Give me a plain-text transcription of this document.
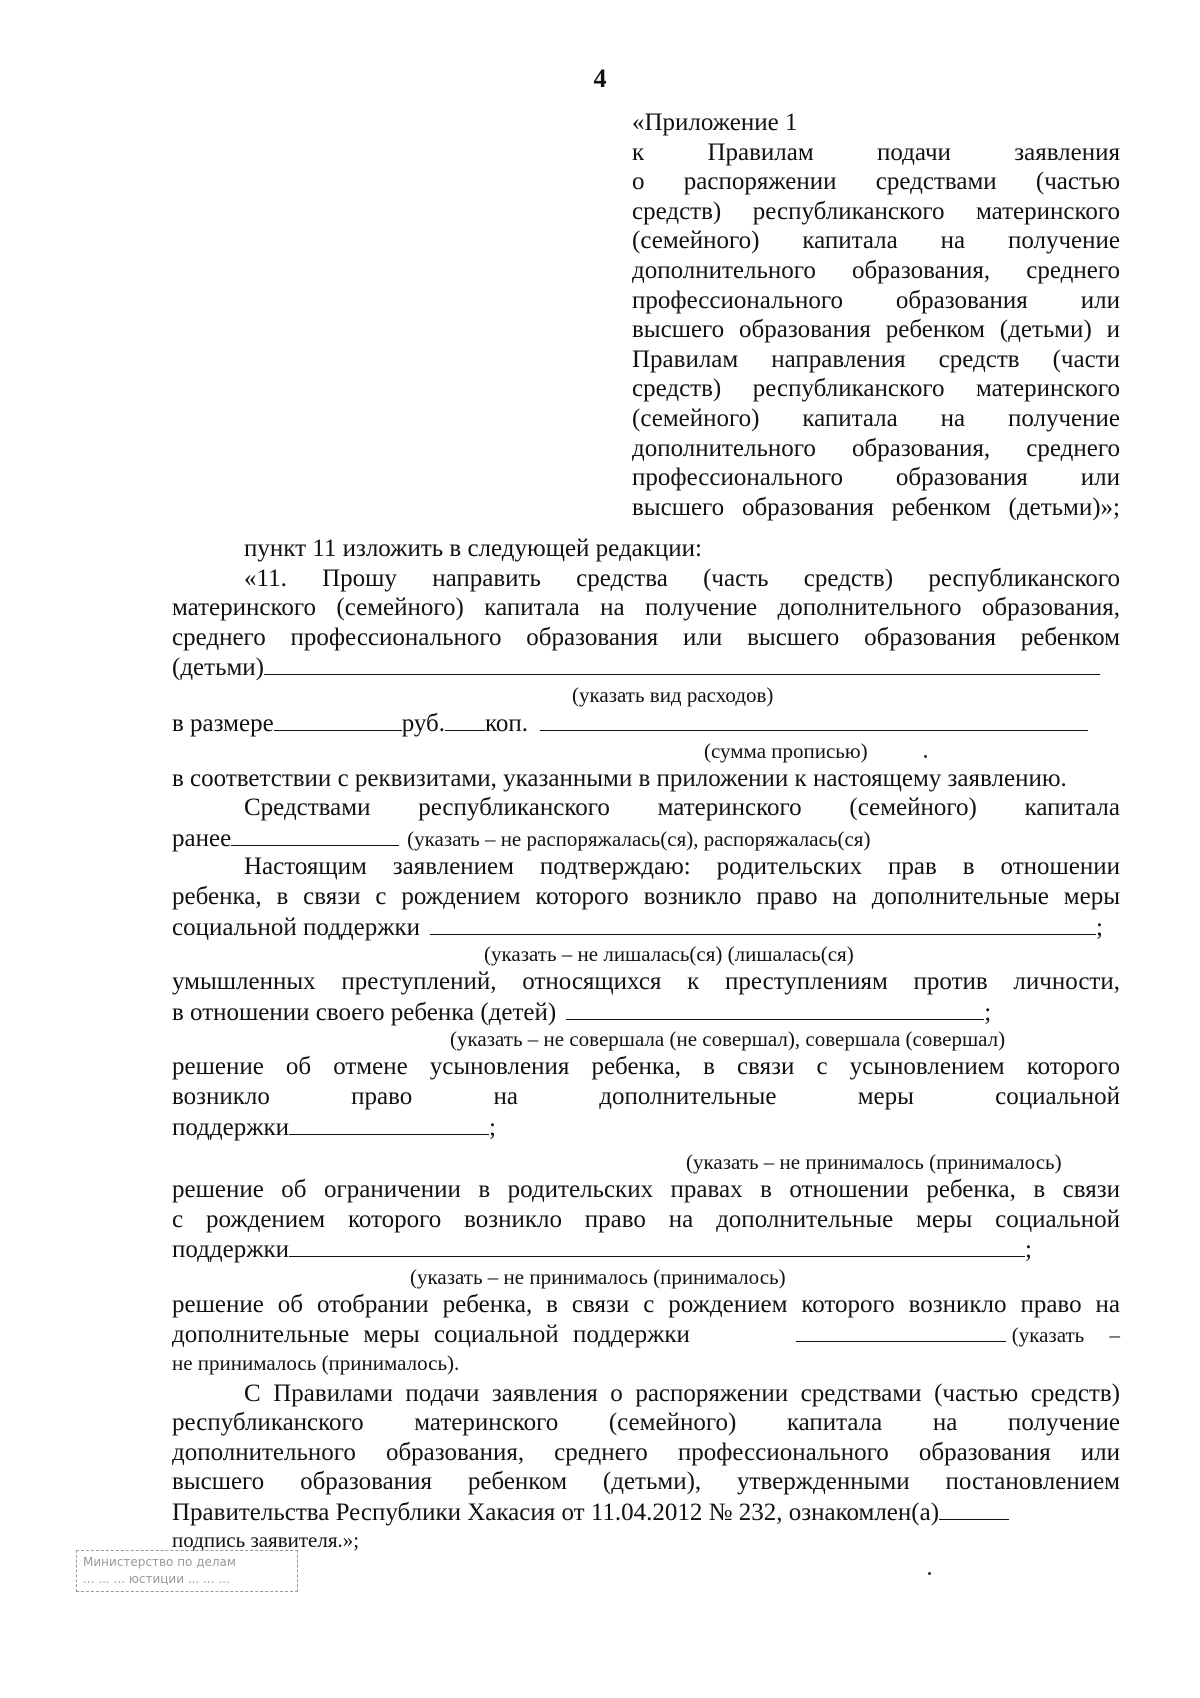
4
«Приложение 1
к Правилам подачи заявления
о распоряжении средствами (частью
средств) республиканского материнского
(семейного) капитала на получение
дополнительного образования, среднего
профессионального образования или
высшего образования ребенком (детьми) и
Правилам направления средств (части
средств) республиканского материнского
(семейного) капитала на получение
дополнительного образования, среднего
профессионального образования или
высшего образования ребенком (детьми)»;
пункт 11 изложить в следующей редакции:
«11. Прошу направить средства (часть средств) республиканского
материнского (семейного) капитала на получение дополнительного образования,
среднего профессионального образования или высшего образования ребенком
(детьми)
(указать вид расходов)
в размере	руб. коп.
(сумма прописью)
в соответствии с реквизитами, указанными в приложении к настоящему заявлению.
Средствами республиканского материнского (семейного) капитала
ранее	(указать – не распоряжалась(ся), распоряжалась(ся)
Настоящим заявлением подтверждаю: родительских прав в отношении
ребенка, в связи с рождением которого возникло право на дополнительные меры
социальной поддержки	;
(указать – не лишалась(ся) (лишалась(ся)
умышленных преступлений, относящихся к преступлениям против личности,
в отношении своего ребенка (детей)	;
(указать – не совершала (не совершал), совершала (совершал)
решение об отмене усыновления ребенка, в связи с усыновлением которого
возникло право на дополнительные меры социальной
поддержки	;
(указать – не принималось (принималось)
решение об ограничении в родительских правах в отношении ребенка, в связи
с рождением которого возникло право на дополнительные меры социальной
поддержки	;
(указать – не принималось (принималось)
решение об отобрании ребенка, в связи с рождением которого возникло право на
дополнительные меры социальной поддержки	(указать –
не принималось (принималось).
С Правилами подачи заявления о распоряжении средствами (частью средств)
республиканского материнского (семейного) капитала на получение
дополнительного образования, среднего профессионального образования или
высшего образования ребенком (детьми), утвержденными постановлением
Правительства Республики Хакасия от 11.04.2012 № 232, ознакомлен(а)
подпись заявителя.»;
Министерство по делам
... ... ... юстиции ... ... ...
